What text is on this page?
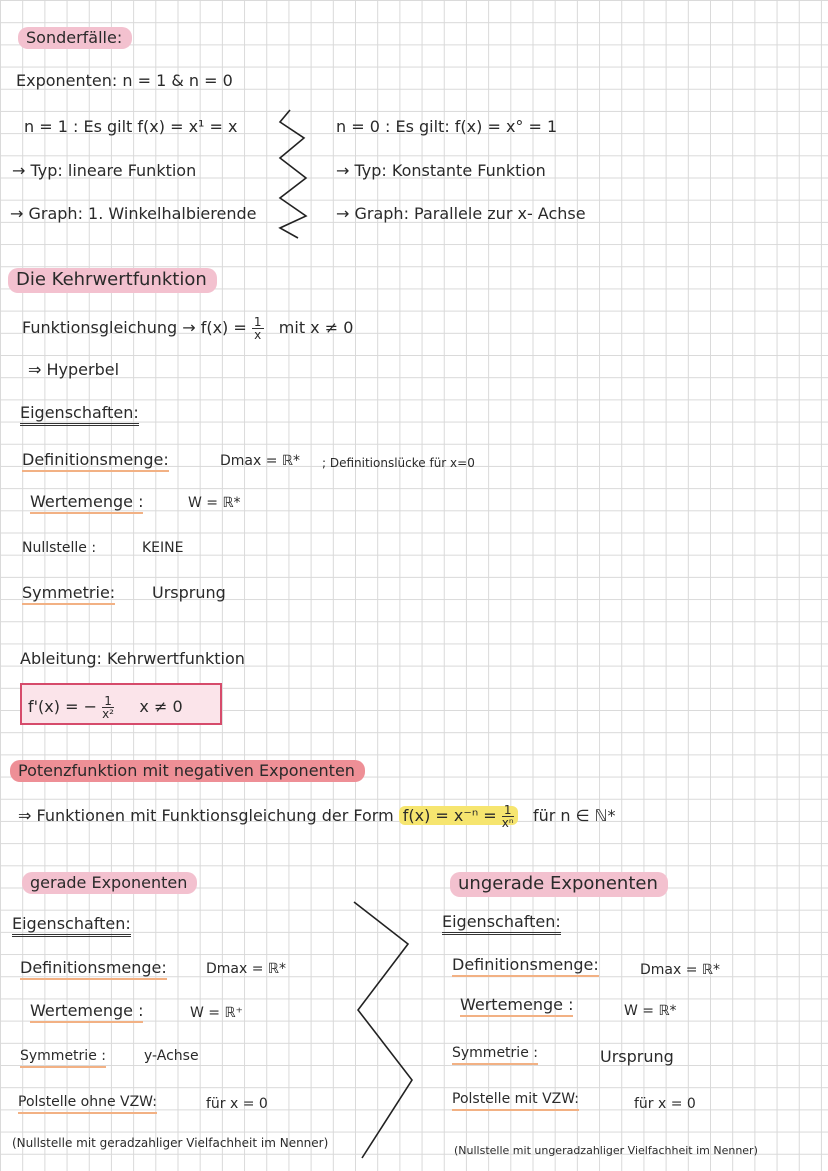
Sonderfälle:
Exponenten: n = 1 & n = 0
n = 1 : Es gilt f(x) = x¹ = x
→ Typ: lineare Funktion
→ Graph: 1. Winkelhalbierende
n = 0 : Es gilt: f(x) = x° = 1
→ Typ: Konstante Funktion
→ Graph: Parallele zur x- Achse
Die Kehrwertfunktion
Funktionsgleichung → $f(x) = \frac{1}{x}$ mit x ≠ 0
⇒ Hyperbel
Eigenschaften:
Definitionsmenge:	Dmax = ℝ* ; Definitionslücke für x=0
Wertemenge :	W = ℝ*
Nullstelle :	KEINE
Symmetrie: Ursprung
Ableitung: Kehrwertfunktion
f'(x) = − $\frac{1}{\text{x²}}$ x ≠ 0
Potenzfunktion mit negativen Exponenten
⇒ Funktionen mit Funktionsgleichung der Form $f(x) = x^{-n} = \frac{1}{\text{xⁿ}}$ für n ∈ ℕ*
gerade Exponenten
Eigenschaften:
Definitionsmenge:	Dmax = ℝ*
Wertemenge :	W = ℝ⁺
Symmetrie :	y-Achse
Polstelle ohne VZW:	für x = 0
(Nullstelle mit geradzahliger Vielfachheit im Nenner)
ungerade Exponenten
Eigenschaften:
Definitionsmenge:	Dmax = ℝ*
Wertemenge :	W = ℝ*
Symmetrie :	Ursprung
Polstelle mit VZW:	für x = 0
(Nullstelle mit ungeradzahliger Vielfachheit im Nenner)
